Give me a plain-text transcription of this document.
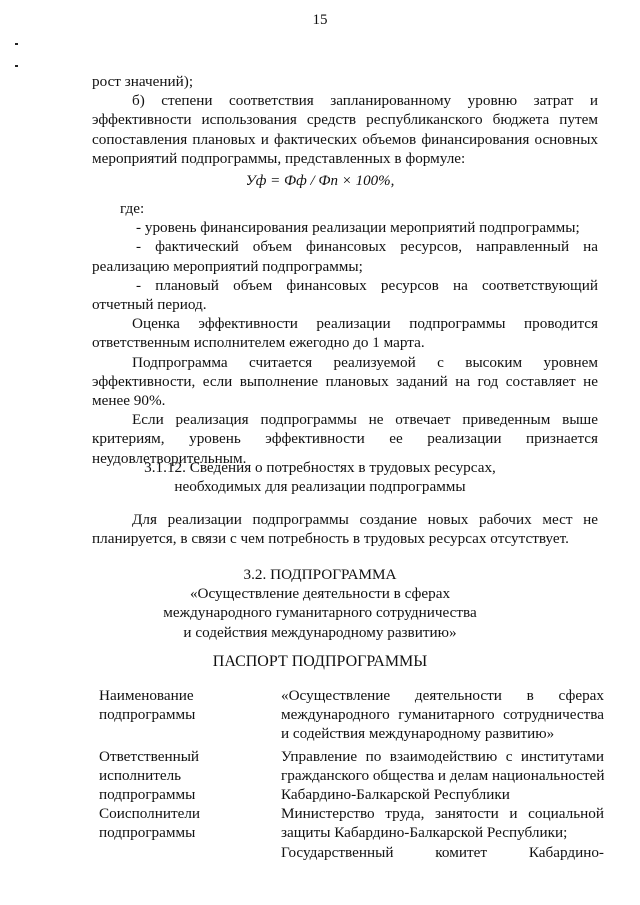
15
рост значений);
б) степени соответствия запланированному уровню затрат и
эффективности использования средств республиканского бюджета путем
сопоставления плановых и фактических объемов финансирования основных
мероприятий подпрограммы, представленных в формуле:
Уф = Фф / Фп × 100%,
где:
- уровень финансирования реализации мероприятий подпрограммы;
- фактический объем финансовых ресурсов, направленный на
реализацию мероприятий подпрограммы;
- плановый объем финансовых ресурсов на соответствующий
отчетный период.
Оценка эффективности реализации подпрограммы проводится
ответственным исполнителем ежегодно до 1 марта.
Подпрограмма считается реализуемой с высоким уровнем
эффективности, если выполнение плановых заданий на год составляет не
менее 90%.
Если реализация подпрограммы не отвечает приведенным выше
критериям, уровень эффективности ее реализации признается
неудовлетворительным.
3.1.12. Сведения о потребностях в трудовых ресурсах,
необходимых для реализации подпрограммы
Для реализации подпрограммы создание новых рабочих мест не
планируется, в связи с чем потребность в трудовых ресурсах отсутствует.
3.2. ПОДПРОГРАММА
«Осуществление деятельности в сферах
международного гуманитарного сотрудничества
и содействия международному развитию»
ПАСПОРТ ПОДПРОГРАММЫ
Наименование
подпрограммы
«Осуществление деятельности в сферах
международного гуманитарного сотрудничества
и содействия международному развитию»
Ответственный
исполнитель
подпрограммы
Управление по взаимодействию с институтами
гражданского общества и делам национальностей
Кабардино-Балкарской Республики
Соисполнители
подпрограммы
Министерство труда, занятости и социальной
защиты Кабардино-Балкарской Республики;
Государственный комитет Кабардино-
